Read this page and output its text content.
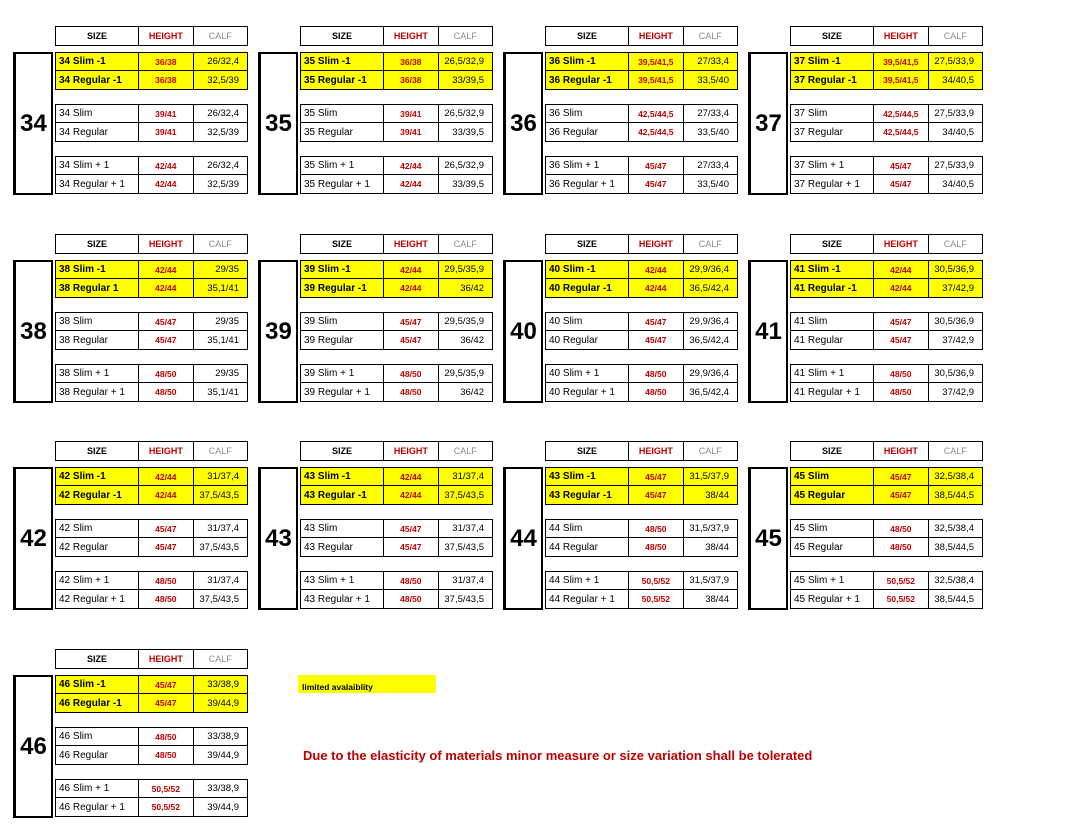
SIZE	HEIGHT	CALF
34
34 Slim -1	36/38	26/32,4
34 Regular -1	36/38	32,5/39
34 Slim	39/41	26/32,4
34 Regular	39/41	32,5/39
34 Slim + 1	42/44	26/32,4
34 Regular + 1	42/44	32,5/39
SIZE	HEIGHT	CALF
35
35 Slim -1	36/38	26,5/32,9
35 Regular -1	36/38	33/39,5
35 Slim	39/41	26,5/32,9
35 Regular	39/41	33/39,5
35 Slim + 1	42/44	26,5/32,9
35 Regular + 1	42/44	33/39,5
SIZE	HEIGHT	CALF
36
36 Slim -1	39,5/41,5	27/33,4
36 Regular -1	39,5/41,5	33,5/40
36 Slim	42,5/44,5	27/33,4
36 Regular	42,5/44,5	33,5/40
36 Slim + 1	45/47	27/33,4
36 Regular + 1	45/47	33,5/40
SIZE	HEIGHT	CALF
37
37 Slim -1	39,5/41,5	27,5/33,9
37 Regular -1	39,5/41,5	34/40,5
37 Slim	42,5/44,5	27,5/33,9
37 Regular	42,5/44,5	34/40,5
37 Slim + 1	45/47	27,5/33,9
37 Regular + 1	45/47	34/40,5
SIZE	HEIGHT	CALF
38
38 Slim -1	42/44	29/35
38 Regular 1	42/44	35,1/41
38 Slim	45/47	29/35
38 Regular	45/47	35,1/41
38 Slim + 1	48/50	29/35
38 Regular + 1	48/50	35,1/41
SIZE	HEIGHT	CALF
39
39 Slim -1	42/44	29,5/35,9
39 Regular -1	42/44	36/42
39 Slim	45/47	29,5/35,9
39 Regular	45/47	36/42
39 Slim + 1	48/50	29,5/35,9
39 Regular + 1	48/50	36/42
SIZE	HEIGHT	CALF
40
40 Slim -1	42/44	29,9/36,4
40 Regular -1	42/44	36,5/42,4
40 Slim	45/47	29,9/36,4
40 Regular	45/47	36,5/42,4
40 Slim + 1	48/50	29,9/36,4
40 Regular + 1	48/50	36,5/42,4
SIZE	HEIGHT	CALF
41
41 Slim -1	42/44	30,5/36,9
41 Regular -1	42/44	37/42,9
41 Slim	45/47	30,5/36,9
41 Regular	45/47	37/42,9
41 Slim + 1	48/50	30,5/36,9
41 Regular + 1	48/50	37/42,9
SIZE	HEIGHT	CALF
42
42 Slim -1	42/44	31/37,4
42 Regular -1	42/44	37,5/43,5
42 Slim	45/47	31/37,4
42 Regular	45/47	37,5/43,5
42 Slim + 1	48/50	31/37,4
42 Regular + 1	48/50	37,5/43,5
SIZE	HEIGHT	CALF
43
43 Slim -1	42/44	31/37,4
43 Regular -1	42/44	37,5/43,5
43 Slim	45/47	31/37,4
43 Regular	45/47	37,5/43,5
43 Slim + 1	48/50	31/37,4
43 Regular + 1	48/50	37,5/43,5
SIZE	HEIGHT	CALF
44
43 Slim -1	45/47	31,5/37,9
43 Regular -1	45/47	38/44
44 Slim	48/50	31,5/37,9
44 Regular	48/50	38/44
44 Slim + 1	50,5/52	31,5/37,9
44 Regular + 1	50,5/52	38/44
SIZE	HEIGHT	CALF
45
45 Slim	45/47	32,5/38,4
45 Regular	45/47	38,5/44,5
45 Slim	48/50	32,5/38,4
45 Regular	48/50	38,5/44,5
45 Slim + 1	50,5/52	32,5/38,4
45 Regular + 1	50,5/52	38,5/44,5
SIZE	HEIGHT	CALF
46
46 Slim -1	45/47	33/38,9
46 Regular -1	45/47	39/44,9
46 Slim	48/50	33/38,9
46 Regular	48/50	39/44,9
46 Slim + 1	50,5/52	33/38,9
46 Regular + 1	50,5/52	39/44,9
limited avalaiblity
Due to the elasticity of materials minor measure or size variation shall be tolerated
